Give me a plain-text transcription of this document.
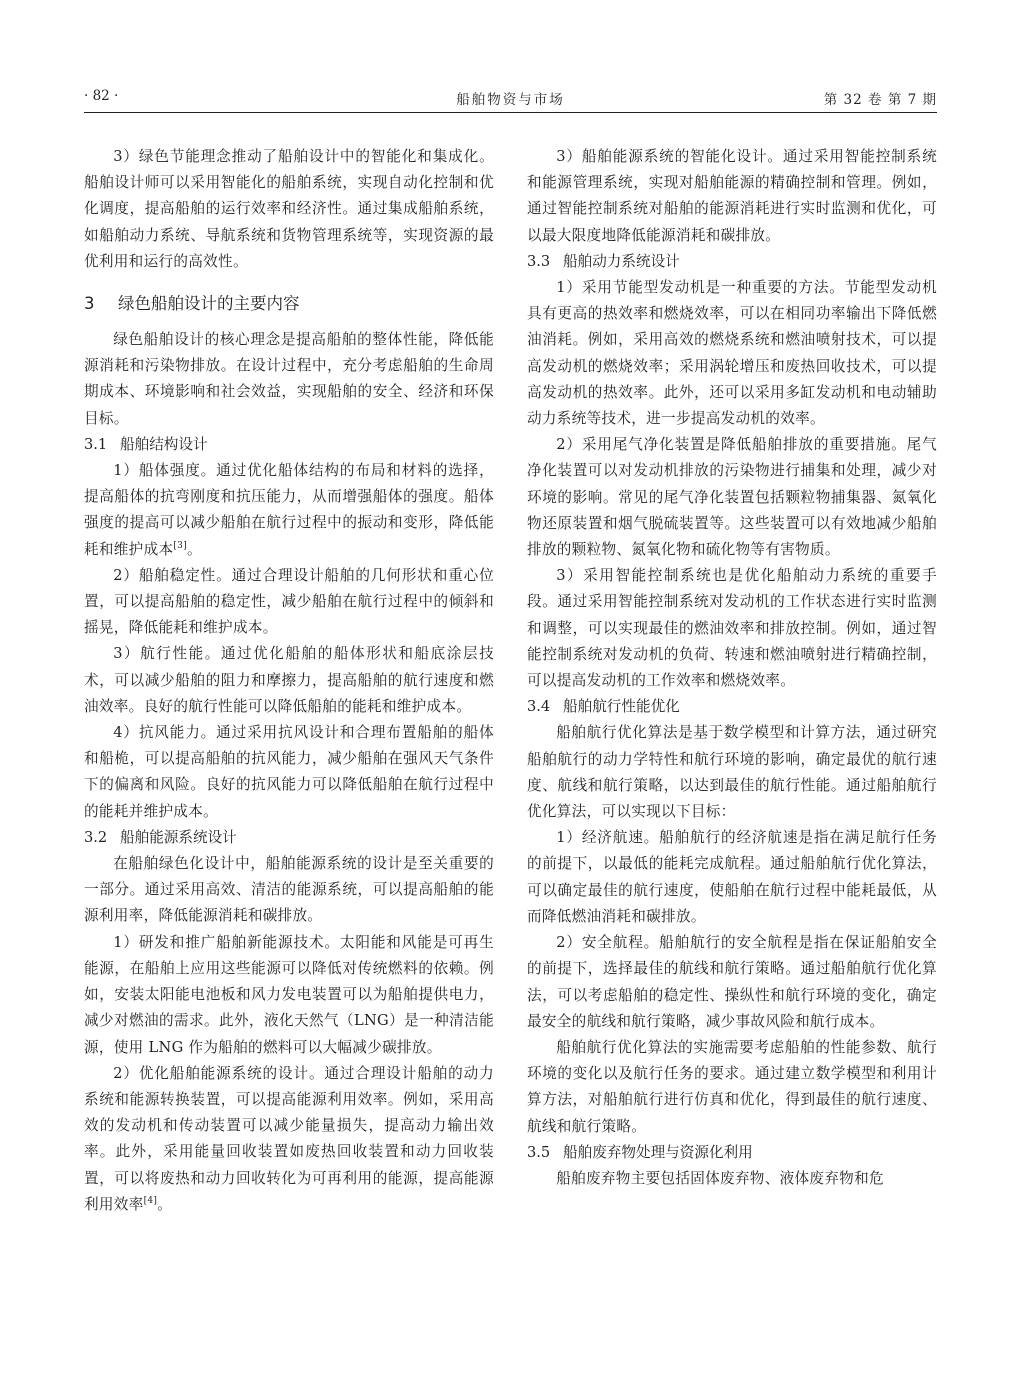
船舶物资与市场
· 82 ·	第 32 卷 第 7 期

3）绿色节能理念推动了船舶设计中的智能化和集成化。船舶设计师可以采用智能化的船舶系统，实现自动化控制和优化调度，提高船舶的运行效率和经济性。通过集成船舶系统，如船舶动力系统、导航系统和货物管理系统等，实现资源的最优利用和运行的高效性。

3 绿色船舶设计的主要内容

绿色船舶设计的核心理念是提高船舶的整体性能，降低能源消耗和污染物排放。在设计过程中，充分考虑船舶的生命周期成本、环境影响和社会效益，实现船舶的安全、经济和环保目标。

3.1 船舶结构设计

1）船体强度。通过优化船体结构的布局和材料的选择，提高船体的抗弯刚度和抗压能力，从而增强船体的强度。船体强度的提高可以减少船舶在航行过程中的振动和变形，降低能耗和维护成本[3]。

2）船舶稳定性。通过合理设计船舶的几何形状和重心位置，可以提高船舶的稳定性，减少船舶在航行过程中的倾斜和摇晃，降低能耗和维护成本。

3）航行性能。通过优化船舶的船体形状和船底涂层技术，可以减少船舶的阻力和摩擦力，提高船舶的航行速度和燃油效率。良好的航行性能可以降低船舶的能耗和维护成本。

4）抗风能力。通过采用抗风设计和合理布置船舶的船体和船桅，可以提高船舶的抗风能力，减少船舶在强风天气条件下的偏离和风险。良好的抗风能力可以降低船舶在航行过程中的能耗并维护成本。

3.2 船舶能源系统设计

在船舶绿色化设计中，船舶能源系统的设计是至关重要的一部分。通过采用高效、清洁的能源系统，可以提高船舶的能源利用率，降低能源消耗和碳排放。

1）研发和推广船舶新能源技术。太阳能和风能是可再生能源，在船舶上应用这些能源可以降低对传统燃料的依赖。例如，安装太阳能电池板和风力发电装置可以为船舶提供电力，减少对燃油的需求。此外，液化天然气（LNG）是一种清洁能源，使用 LNG 作为船舶的燃料可以大幅减少碳排放。

2）优化船舶能源系统的设计。通过合理设计船舶的动力系统和能源转换装置，可以提高能源利用效率。例如，采用高效的发动机和传动装置可以减少能量损失，提高动力输出效率。此外，采用能量回收装置如废热回收装置和动力回收装置，可以将废热和动力回收转化为可再利用的能源，提高能源利用效率[4]。

3）船舶能源系统的智能化设计。通过采用智能控制系统和能源管理系统，实现对船舶能源的精确控制和管理。例如，通过智能控制系统对船舶的能源消耗进行实时监测和优化，可以最大限度地降低能源消耗和碳排放。

3.3 船舶动力系统设计

1）采用节能型发动机是一种重要的方法。节能型发动机具有更高的热效率和燃烧效率，可以在相同功率输出下降低燃油消耗。例如，采用高效的燃烧系统和燃油喷射技术，可以提高发动机的燃烧效率；采用涡轮增压和废热回收技术，可以提高发动机的热效率。此外，还可以采用多缸发动机和电动辅助动力系统等技术，进一步提高发动机的效率。

2）采用尾气净化装置是降低船舶排放的重要措施。尾气净化装置可以对发动机排放的污染物进行捕集和处理，减少对环境的影响。常见的尾气净化装置包括颗粒物捕集器、氮氧化物还原装置和烟气脱硫装置等。这些装置可以有效地减少船舶排放的颗粒物、氮氧化物和硫化物等有害物质。

3）采用智能控制系统也是优化船舶动力系统的重要手段。通过采用智能控制系统对发动机的工作状态进行实时监测和调整，可以实现最佳的燃油效率和排放控制。例如，通过智能控制系统对发动机的负荷、转速和燃油喷射进行精确控制，可以提高发动机的工作效率和燃烧效率。

3.4 船舶航行性能优化

船舶航行优化算法是基于数学模型和计算方法，通过研究船舶航行的动力学特性和航行环境的影响，确定最优的航行速度、航线和航行策略，以达到最佳的航行性能。通过船舶航行优化算法，可以实现以下目标：

1）经济航速。船舶航行的经济航速是指在满足航行任务的前提下，以最低的能耗完成航程。通过船舶航行优化算法，可以确定最佳的航行速度，使船舶在航行过程中能耗最低，从而降低燃油消耗和碳排放。

2）安全航程。船舶航行的安全航程是指在保证船舶安全的前提下，选择最佳的航线和航行策略。通过船舶航行优化算法，可以考虑船舶的稳定性、操纵性和航行环境的变化，确定最安全的航线和航行策略，减少事故风险和航行成本。

船舶航行优化算法的实施需要考虑船舶的性能参数、航行环境的变化以及航行任务的要求。通过建立数学模型和利用计算方法，对船舶航行进行仿真和优化，得到最佳的航行速度、航线和航行策略。

3.5 船舶废弃物处理与资源化利用

船舶废弃物主要包括固体废弃物、液体废弃物和危
